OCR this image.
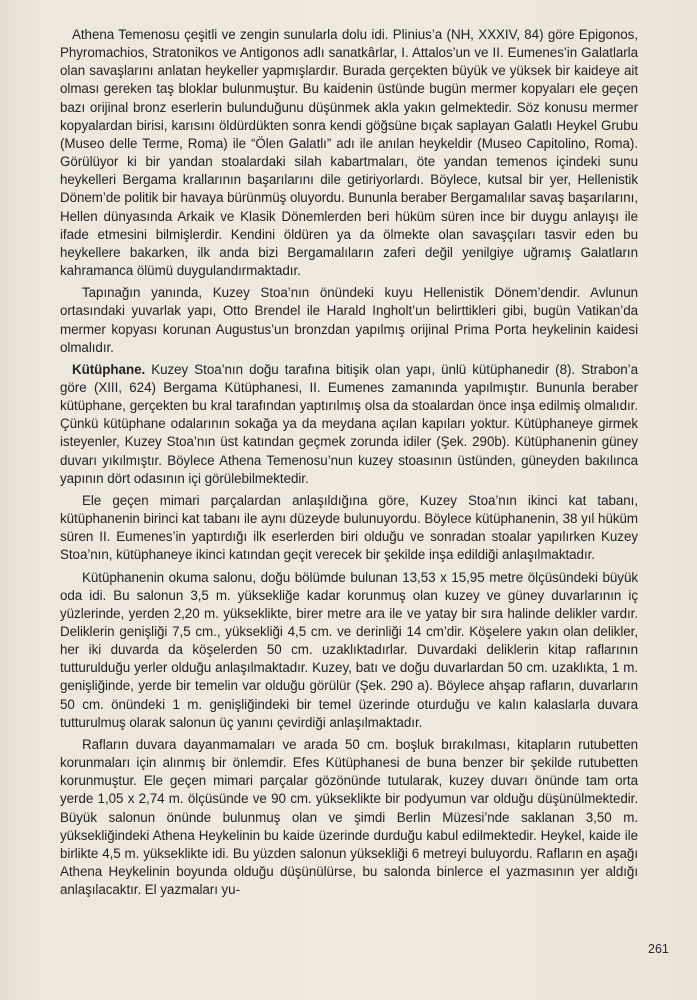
Athena Temenosu çeşitli ve zengin sunularla dolu idi. Plinius’a (NH, XXXIV, 84) göre Epigonos, Phyromachios, Stratonikos ve Antigonos adlı sanatkârlar, I. Attalos’un ve II. Eumenes’in Galatlarla olan savaşlarını anlatan heykeller yapmışlardır. Burada gerçekten büyük ve yüksek bir kaideye ait olması gereken taş bloklar bulunmuştur. Bu kaidenin üstünde bugün mermer kopyaları ele geçen bazı orijinal bronz eserlerin bulunduğunu düşünmek akla yakın gelmektedir. Söz konusu mermer kopyalardan birisi, karısını öldürdükten sonra kendi göğsüne bıçak saplayan Galatlı Heykel Grubu (Museo delle Terme, Roma) ile “Ölen Galatlı” adı ile anılan heykeldir (Museo Capitolino, Roma). Görülüyor ki bir yandan stoalardaki silah kabartmaları, öte yandan temenos içindeki sunu heykelleri Bergama krallarının başarılarını dile getiriyorlardı. Böylece, kutsal bir yer, Hellenistik Dönem’de politik bir havaya bürünmüş oluyordu. Bununla beraber Bergamalılar savaş başarılarını, Hellen dünyasında Arkaik ve Klasik Dönemlerden beri hüküm süren ince bir duygu anlayışı ile ifade etmesini bilmişlerdir. Kendini öldüren ya da ölmekte olan savaşçıları tasvir eden bu heykellere bakarken, ilk anda bizi Bergamalıların zaferi değil yenilgiye uğramış Galatların kahramanca ölümü duygulandırmaktadır.

Tapınağın yanında, Kuzey Stoa’nın önündeki kuyu Hellenistik Dönem’dendir. Avlunun ortasındaki yuvarlak yapı, Otto Brendel ile Harald Ingholt’un belirttikleri gibi, bugün Vatikan’da mermer kopyası korunan Augustus’un bronzdan yapılmış orijinal Prima Porta heykelinin kaidesi olmalıdır.

Kütüphane. Kuzey Stoa’nın doğu tarafına bitişik olan yapı, ünlü kütüphanedir (8). Strabon’a göre (XIII, 624) Bergama Kütüphanesi, II. Eumenes zamanında yapılmıştır. Bununla beraber kütüphane, gerçekten bu kral tarafından yaptırılmış olsa da stoalardan önce inşa edilmiş olmalıdır. Çünkü kütüphane odalarının sokağa ya da meydana açılan kapıları yoktur. Kütüphaneye girmek isteyenler, Kuzey Stoa’nın üst katından geçmek zorunda idiler (Şek. 290b). Kütüphanenin güney duvarı yıkılmıştır. Böylece Athena Temenosu’nun kuzey stoasının üstünden, güneyden bakılınca yapının dört odasının içi görülebilmektedir.

Ele geçen mimari parçalardan anlaşıldığına göre, Kuzey Stoa’nın ikinci kat tabanı, kütüphanenin birinci kat tabanı ile aynı düzeyde bulunuyordu. Böylece kütüphanenin, 38 yıl hüküm süren II. Eumenes’in yaptırdığı ilk eserlerden biri olduğu ve sonradan stoalar yapılırken Kuzey Stoa’nın, kütüphaneye ikinci katından geçit verecek bir şekilde inşa edildiği anlaşılmaktadır.

Kütüphanenin okuma salonu, doğu bölümde bulunan 13,53 x 15,95 metre ölçüsündeki büyük oda idi. Bu salonun 3,5 m. yüksekliğe kadar korunmuş olan kuzey ve güney duvarlarının iç yüzlerinde, yerden 2,20 m. yükseklikte, birer metre ara ile ve yatay bir sıra halinde delikler vardır. Deliklerin genişliği 7,5 cm., yüksekliği 4,5 cm. ve derinliği 14 cm’dir. Köşelere yakın olan delikler, her iki duvarda da köşelerden 50 cm. uzaklıktadırlar. Duvardaki deliklerin kitap raflarının tutturulduğu yerler olduğu anlaşılmaktadır. Kuzey, batı ve doğu duvarlardan 50 cm. uzaklıkta, 1 m. genişliğinde, yerde bir temelin var olduğu görülür (Şek. 290 a). Böylece ahşap rafların, duvarların 50 cm. önündeki 1 m. genişliğindeki bir temel üzerinde oturduğu ve kalın kalaslarla duvara tutturulmuş olarak salonun üç yanını çevirdiği anlaşılmaktadır.

Rafların duvara dayanmamaları ve arada 50 cm. boşluk bırakılması, kitapların rutubetten korunmaları için alınmış bir önlemdir. Efes Kütüphanesi de buna benzer bir şekilde rutubetten korunmuştur. Ele geçen mimari parçalar gözönünde tutularak, kuzey duvarı önünde tam orta yerde 1,05 x 2,74 m. ölçüsünde ve 90 cm. yükseklikte bir podyumun var olduğu düşünülmektedir. Büyük salonun önünde bulunmuş olan ve şimdi Berlin Müzesi’nde saklanan 3,50 m. yüksekliğindeki Athena Heykelinin bu kaide üzerinde durduğu kabul edilmektedir. Heykel, kaide ile birlikte 4,5 m. yükseklikte idi. Bu yüzden salonun yüksekliği 6 metreyi buluyordu. Rafların en aşağı Athena Heykelinin boyunda olduğu düşünülürse, bu salonda binlerce el yazmasının yer aldığı anlaşılacaktır. El yazmaları yu-

261
